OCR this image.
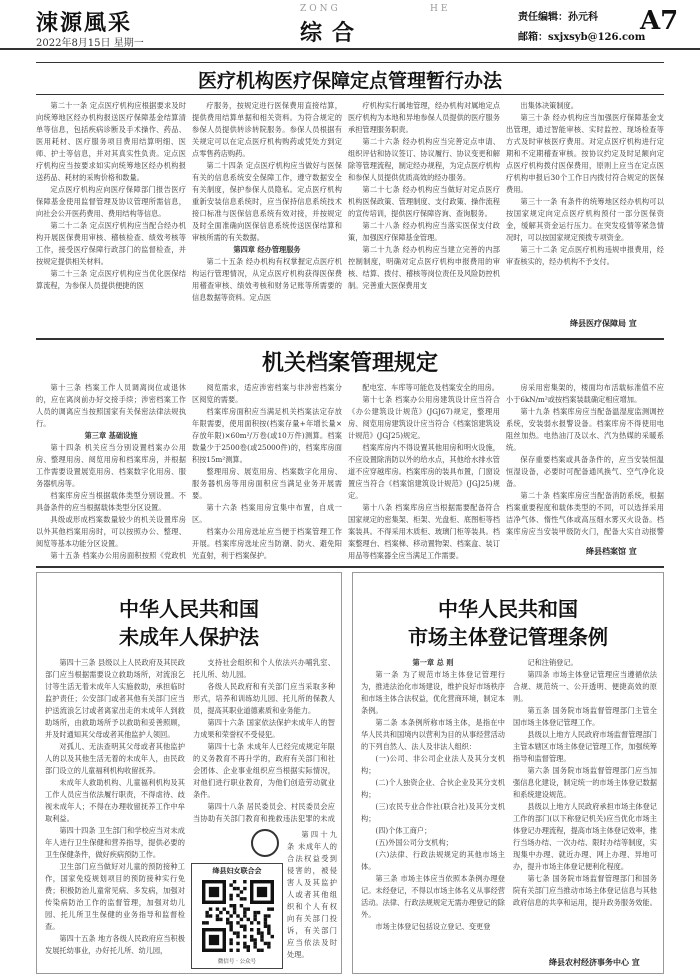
涑源風采
2022年8月15日 星期一
ZONG	HE
综合
责任编辑：孙元科
邮箱：sxjxsyb@126.com
A7
医疗机构医疗保障定点管理暂行办法

第二十一条 定点医疗机构应根据要求及时向统筹地区经办机构报送医疗保障基金结算清单等信息，包括疾病诊断及手术操作、药品、医用耗材、医疗服务项目费用结算明细、医师、护士等信息，并对其真实性负责。定点医疗机构应当按要求如实向统筹地区经办机构报送药品、耗材的采购价格和数量。

定点医疗机构应向医疗保障部门报告医疗保障基金使用监督管理及协议管理所需信息，向社会公开医药费用、费用结构等信息。

第二十二条 定点医疗机构应当配合经办机构开展医保费用审核、稽核检查、绩效考核等工作，接受医疗保障行政部门的监督检查，并按规定提供相关材料。

第二十三条 定点医疗机构应当优化医保结算流程，为参保人员提供便捷的医

疗服务，按规定进行医保费用直接结算，提供费用结算单据和相关资料。为符合规定的参保人员提供转诊转院服务。参保人员根据有关规定可以在定点医疗机构购药或凭处方到定点零售药店购药。

第二十四条 定点医疗机构应当做好与医保有关的信息系统安全保障工作，遵守数据安全有关制度，保护参保人员隐私。定点医疗机构重新安装信息系统时，应当保持信息系统技术接口标准与医保信息系统有效对接，并按规定及时全面准确向医保信息系统传送医保结算和审核所需的有关数据。

第四章 经办管理服务

第二十五条 经办机构有权掌握定点医疗机构运行管理情况，从定点医疗机构获得医保费用稽查审核、绩效考核和财务记账等所需要的信息数据等资料。定点医

疗机构实行属地管理，经办机构对属地定点医疗机构为本地和异地参保人员提供的医疗服务承担管理服务职责。

第二十六条 经办机构应当完善定点申请、组织评估和协议签订、协议履行、协议变更和解除等管理流程，制定经办规程，为定点医疗机构和参保人员提供优质高效的经办服务。

第二十七条 经办机构应当做好对定点医疗机构医保政策、管理制度、支付政策、操作流程的宣传培训，提供医疗保障咨询、查询服务。

第二十八条 经办机构应当落实医保支付政策，加强医疗保障基金管理。

第二十九条 经办机构应当建立完善的内部控制制度，明确对定点医疗机构申报费用的审核、结算、拨付、稽核等岗位责任及风险防控机制。完善重大医保费用支

出集体决策制度。

第三十条 经办机构应当加强医疗保障基金支出管理，通过智能审核、实时监控、现场检查等方式及时审核医疗费用。对定点医疗机构进行定期和不定期稽查审核。按协议约定及时足额向定点医疗机构拨付医保费用，原则上应当在定点医疗机构申报后30个工作日内拨付符合规定的医保费用。

第三十一条 有条件的统筹地区经办机构可以按国家规定向定点医疗机构预付一部分医保资金，缓解其资金运行压力。在突发疫情等紧急情况时，可以按国家规定预拨专项资金。

第三十二条 定点医疗机构违规申报费用，经审查核实的，经办机构不予支付。

绛县医疗保障局 宣
机关档案管理规定

第十三条 档案工作人员调离岗位或退休的，应在离岗前办好交接手续；涉密档案工作人员的调离应当按照国家有关保密法律法规执行。

第三章 基础设施

第十四条 机关应当分别设置档案办公用房、整理用房、阅览用房和档案库房，并根据工作需要设置展览用房、档案数字化用房、服务器机房等。

档案库房应当根据载体类型分别设置。不具备条件的应当根据载体类型分区设置。

具级或形成档案数量较少的机关设置库房以外其他档案用房时，可以按照办公、整理、阅览等基本功能分区设置。

第十五条 档案办公用房面积按照《党政机

阅览需求，适应涉密档案与非涉密档案分区阅览的需要。

档案库房面积应当满足机关档案法定存放年限需要，使用面积按(档案存量+年增长量×存放年限)×60m²/万卷(或10万件)测算。档案数量少于2500卷(或25000件)的，档案库房面积按15m²测算。

整理用房、展览用房、档案数字化用房、服务器机房等用房面积应当满足业务开展需要。

第十六条 档案用房宜集中布置，自成一区。

档案办公用房选址应当便于档案管理工作开展。档案库房选址应当防潮、防火、避免阳光直射，利于档案保护。

配电室、车库等可能危及档案安全的用房。

第十七条 档案办公用房建筑设计应当符合《办公建筑设计规范》(JGJ67)规定，整理用房、阅览用房建筑设计应当符合《档案馆建筑设计规范》(JGJ25)规定。

档案库房内不得设置其他用房和明火设施，不应设置除消防以外的给水点，其他给水排水管道不应穿越库房。档案库房的装具布置，门窗设置应当符合《档案馆建筑设计规范》(JGJ25)规定。

第十八条 档案库房应当根据需要配备符合国家规定的密集架、柜架、光盘柜、底图柜等档案装具。不得采用木质柜、玻璃门柜等装具。档案整理台、档案梯、移动置物架、档案盒、装订用品等档案器全应当满足工作需要。

房采用密集架的，楼面均布活载标准值不应小于6kN/m²或按档案装载确定相应增加。

第十九条 档案库房应当配备温湿度监测调控系统，安装弱水报警设备。档案库房不得使用电阻丝加热。电热油汀及以水、汽为热媒的采暖系统。

保存重要档案或具备条件的，应当安装恒温恒湿设备，必要时可配备通风换气、空气净化设备。

第二十条 档案库房应当配备消防系统，根据档案重要程度和载体类型的不同，可以选择采用洁净气体、惰性气体或高压细水雾灭火设备。档案库房应当安装甲级防火门，配备大实自动报警

绛县档案馆 宣
中华人民共和国
未成年人保护法

第四十三条 县级以上人民政府及其民政部门应当根据需要设立救助场所，对流浪乞讨等生活无着未成年人实施救助，承担临时监护责任；公安部门或者其他有关部门应当护送流浪乞讨或者离家出走的未成年人到救助场所，由救助场所予以救助和妥善照顾，并及时通知其父母或者其他监护人领回。

对孤儿、无法查明其父母或者其他监护人的以及其他生活无着的未成年人，由民政部门设立的儿童福利机构收留抚养。

未成年人救助机构、儿童福利机构及其工作人员应当依法履行职责，不得虐待、歧视未成年人；不得在办理收留抚养工作中牟取利益。

第四十四条 卫生部门和学校应当对未成年人进行卫生保健和营养指导，提供必要的卫生保健条件，做好疾病预防工作。

卫生部门应当做好对儿童的预防接种工作，国家免疫规划项目的预防接种实行免费；积极防治儿童常见病、多发病，加强对传染病防治工作的监督管理，加强对幼儿园、托儿所卫生保健的业务指导和监督检查。

第四十五条 地方各级人民政府应当积极发展托幼事业，办好托儿所、幼儿园，

支持社会组织和个人依法兴办哺乳室、托儿所、幼儿园。

各级人民政府和有关部门应当采取多种形式，培养和训练幼儿园、托儿所的保教人员，提高其职业道德素质和业务能力。

第四十六条 国家依法保护未成年人的智力成果和荣誉权不受侵犯。

第四十七条 未成年人已经完成规定年限的义务教育不再升学的，政府有关部门和社会团体、企业事业组织应当根据实际情况，对他们进行职业教育，为他们创造劳动就业条件。

第四十八条 居民委员会、村民委员会应当协助有关部门教育和挽救违法犯罪的未成

第四十九条 未成年人的合法权益受到侵害的，被侵害人及其监护人或者其他组织和个人有权向有关部门投诉，有关部门应当依法及时处理。

绛县妇女联合会
微信号 · 公众号
中华人民共和国
市场主体登记管理条例

第一章 总 则

第一条 为了规范市场主体登记管理行为，推进法治化市场建设，维护良好市场秩序和市场主体合法权益，优化营商环境，制定本条例。

第二条 本条例所称市场主体，是指在中华人民共和国境内以营利为目的从事经营活动的下列自然人、法人及非法人组织：

(一)公司、非公司企业法人及其分支机构；

(二)个人独资企业、合伙企业及其分支机构；

(三)农民专业合作社(联合社)及其分支机构；

(四)个体工商户；

(五)外国公司分支机构；

(六)法律、行政法规规定的其他市场主体。

第三条 市场主体应当依照本条例办理登记。未经登记，不得以市场主体名义从事经营活动。法律、行政法规规定无需办理登记的除外。

市场主体登记包括设立登记、变更登

记和注销登记。

第四条 市场主体登记管理应当遵循依法合规、规范统一、公开透明、便捷高效的原则。

第五条 国务院市场监督管理部门主管全国市场主体登记管理工作。

县级以上地方人民政府市场监督管理部门主管本辖区市场主体登记管理工作，加强统筹指导和监督管理。

第六条 国务院市场监督管理部门应当加强信息化建设，制定统一的市场主体登记数据和系统建设规范。

县级以上地方人民政府承担市场主体登记工作的部门(以下称登记机关)应当优化市场主体登记办理流程，提高市场主体登记效率，推行当场办结、一次办结、限时办结等制度，实现集中办理、就近办理、网上办理、异地可办，提升市场主体登记便利化程度。

第七条 国务院市场监督管理部门和国务院有关部门应当推动市场主体登记信息与其他政府信息的共享和运用，提升政务服务效能。

绛县农村经济事务中心 宣
